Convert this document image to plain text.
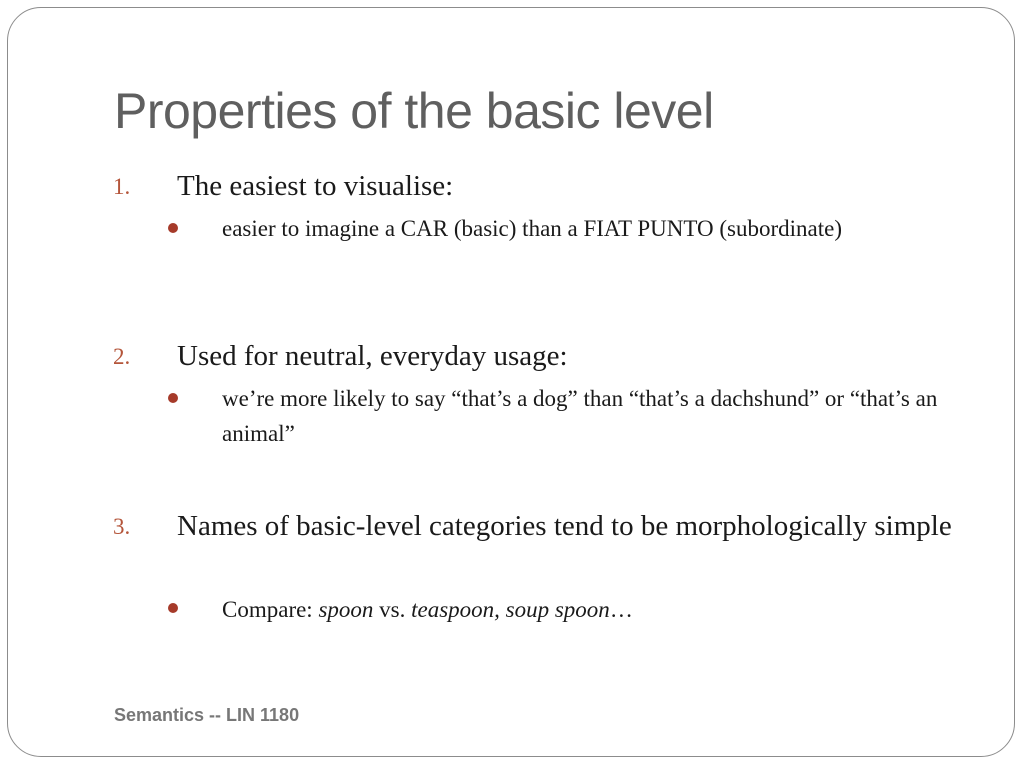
Properties of the basic level
1. The easiest to visualise:
easier to imagine a CAR (basic) than a FIAT PUNTO (subordinate)
2. Used for neutral, everyday usage:
we’re more likely to say “that’s a dog” than “that’s a dachshund” or “that’s an animal”
3. Names of basic-level categories tend to be morphologically simple
Compare: spoon vs. teaspoon, soup spoon…
Semantics -- LIN 1180
